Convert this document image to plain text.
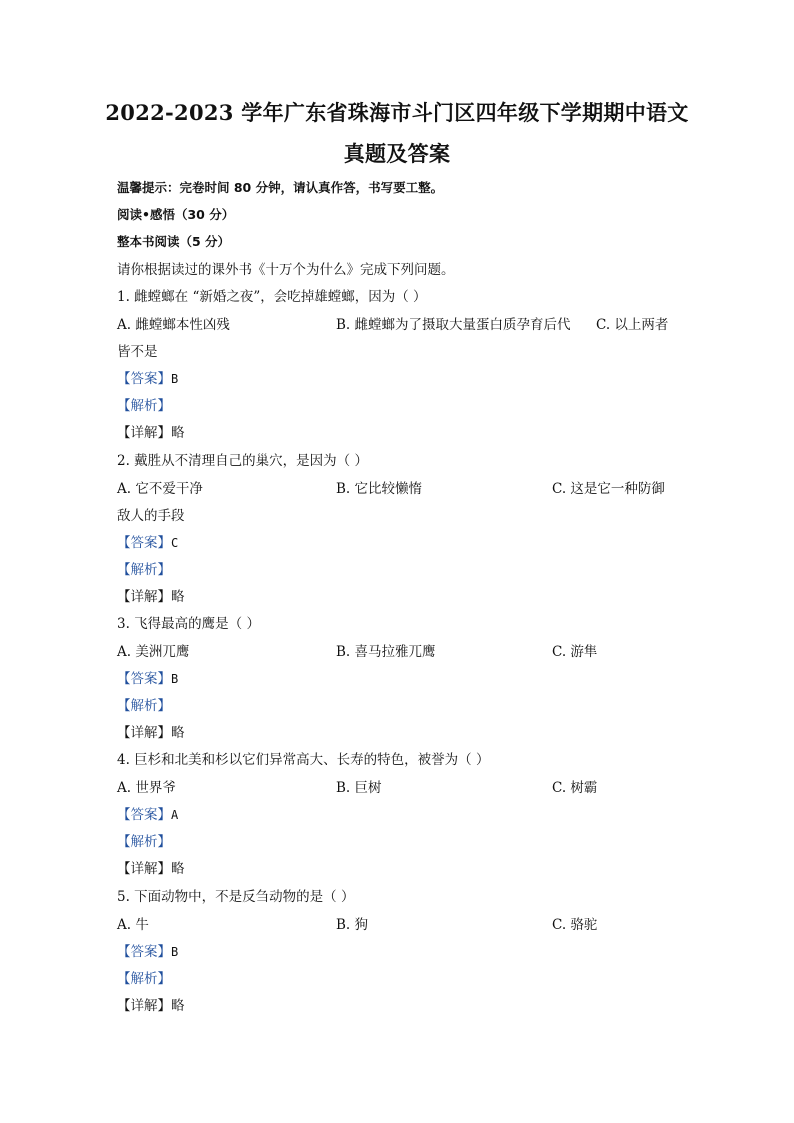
2022-2023 学年广东省珠海市斗门区四年级下学期期中语文
真题及答案
温馨提示：完卷时间 80 分钟，请认真作答，书写要工整。
阅读•感悟（30 分）
整本书阅读（5 分）
请你根据读过的课外书《十万个为什么》完成下列问题。
1. 雌螳螂在 “新婚之夜”，会吃掉雄螳螂，因为（ ）
A. 雌螳螂本性凶残	B. 雌螳螂为了摄取大量蛋白质孕育后代 C. 以上两者
皆不是
【答案】B
【解析】
【详解】略
2. 戴胜从不清理自己的巢穴，是因为（ ）
A. 它不爱干净	B. 它比较懒惰	C. 这是它一种防御
敌人的手段
【答案】C
【解析】
【详解】略
3. 飞得最高的鹰是（ ）
A. 美洲兀鹰	B. 喜马拉雅兀鹰	C. 游隼
【答案】B
【解析】
【详解】略
4. 巨杉和北美和杉以它们异常高大、长寿的特色，被誉为（ ）
A. 世界爷	B. 巨树	C. 树霸
【答案】A
【解析】
【详解】略
5. 下面动物中，不是反刍动物的是（ ）
A. 牛	B. 狗	C. 骆驼
【答案】B
【解析】
【详解】略
